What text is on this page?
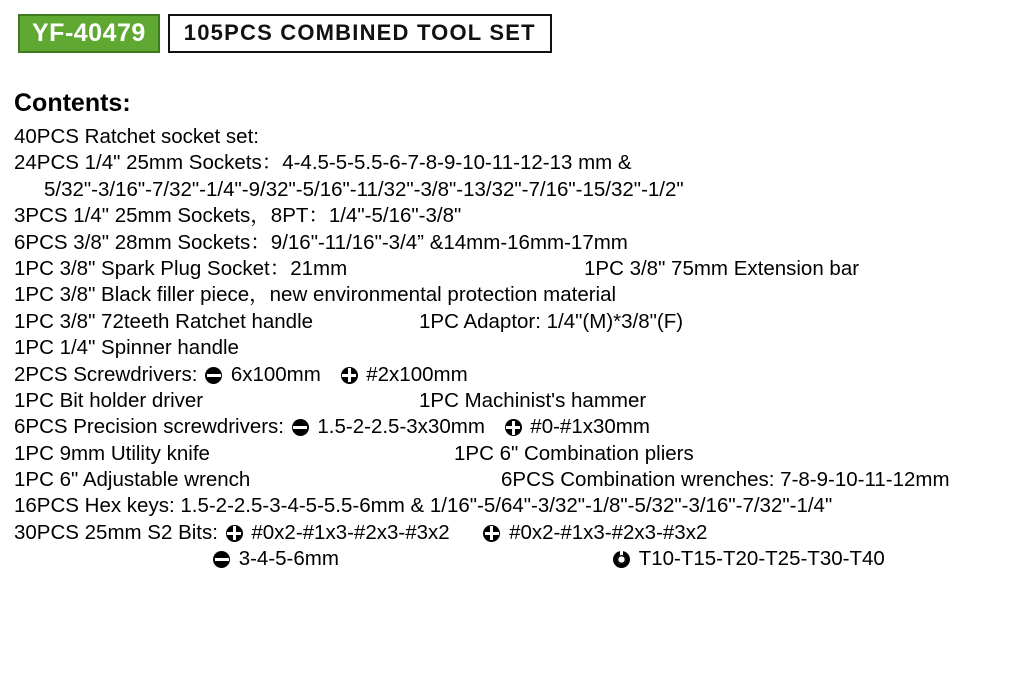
YF-40479	105PCS COMBINED TOOL SET
Contents:
40PCS Ratchet socket set:
24PCS 1/4" 25mm Sockets：4-4.5-5-5.5-6-7-8-9-10-11-12-13 mm &
5/32"-3/16"-7/32"-1/4"-9/32"-5/16"-11/32"-3/8"-13/32"-7/16"-15/32"-1/2"
3PCS 1/4" 25mm Sockets，8PT：1/4"-5/16"-3/8"
6PCS 3/8" 28mm Sockets：9/16"-11/16"-3/4” &14mm-16mm-17mm
1PC 3/8" Spark Plug Socket：21mm	1PC 3/8" 75mm Extension bar
1PC 3/8" Black filler piece，new environmental protection material
1PC 3/8" 72teeth Ratchet handle	1PC Adaptor: 1/4"(M)*3/8"(F)
1PC 1/4" Spinner handle
2PCS Screwdrivers: 6x100mm #2x100mm
1PC Bit holder driver	1PC Machinist's hammer
6PCS Precision screwdrivers: 1.5-2-2.5-3x30mm #0-#1x30mm
1PC 9mm Utility knife	1PC 6" Combination pliers
1PC 6" Adjustable wrench	6PCS Combination wrenches: 7-8-9-10-11-12mm
16PCS Hex keys: 1.5-2-2.5-3-4-5-5.5-6mm & 1/16"-5/64"-3/32"-1/8"-5/32"-3/16"-7/32"-1/4"
30PCS 25mm S2 Bits: #0x2-#1x3-#2x3-#3x2	#0x2-#1x3-#2x3-#3x2
3-4-5-6mm	T10-T15-T20-T25-T30-T40
